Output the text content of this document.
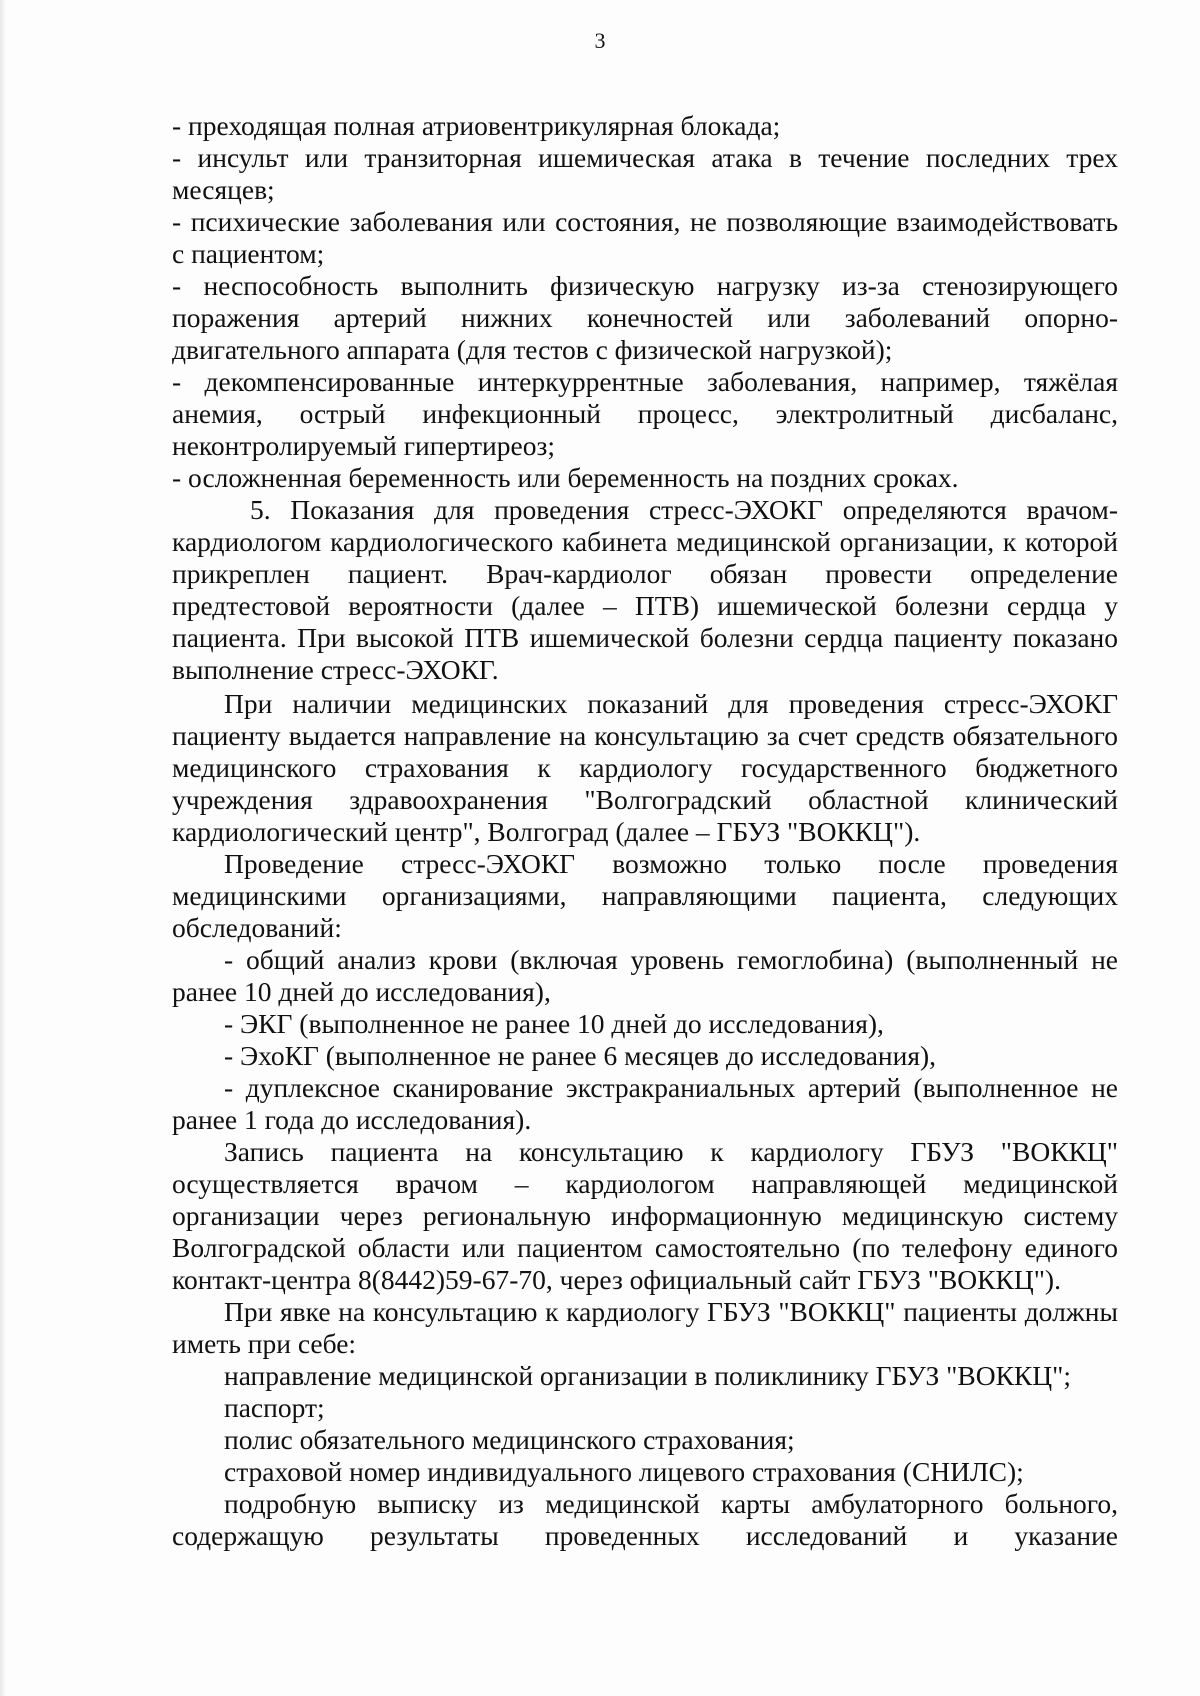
3

- преходящая полная атриовентрикулярная блокада;

- инсульт или транзиторная ишемическая атака в течение последних трех месяцев;

- психические заболевания или состояния, не позволяющие взаимодействовать с пациентом;

- неспособность выполнить физическую нагрузку из-за стенозирующего поражения артерий нижних конечностей или заболеваний опорно-двигательного аппарата (для тестов с физической нагрузкой);

- декомпенсированные интеркуррентные заболевания, например, тяжёлая анемия, острый инфекционный процесс, электролитный дисбаланс, неконтролируемый гипертиреоз;

- осложненная беременность или беременность на поздних сроках.

5. Показания для проведения стресс-ЭХОКГ определяются врачом-кардиологом кардиологического кабинета медицинской организации, к которой прикреплен пациент. Врач-кардиолог обязан провести определение предтестовой вероятности (далее – ПТВ) ишемической болезни сердца у пациента. При высокой ПТВ ишемической болезни сердца пациенту показано выполнение стресс-ЭХОКГ.

При наличии медицинских показаний для проведения стресс-ЭХОКГ пациенту выдается направление на консультацию за счет средств обязательного медицинского страхования к кардиологу государственного бюджетного учреждения здравоохранения "Волгоградский областной клинический кардиологический центр", Волгоград (далее – ГБУЗ "ВОККЦ").

Проведение стресс-ЭХОКГ возможно только после проведения медицинскими организациями, направляющими пациента, следующих обследований:

- общий анализ крови (включая уровень гемоглобина) (выполненный не ранее 10 дней до исследования),

- ЭКГ (выполненное не ранее 10 дней до исследования),

- ЭхоКГ (выполненное не ранее 6 месяцев до исследования),

- дуплексное сканирование экстракраниальных артерий (выполненное не ранее 1 года до исследования).

Запись пациента на консультацию к кардиологу ГБУЗ "ВОККЦ" осуществляется врачом – кардиологом направляющей медицинской организации через региональную информационную медицинскую систему Волгоградской области или пациентом самостоятельно (по телефону единого контакт-центра 8(8442)59-67-70, через официальный сайт ГБУЗ "ВОККЦ").

При явке на консультацию к кардиологу ГБУЗ "ВОККЦ" пациенты должны иметь при себе:

направление медицинской организации в поликлинику ГБУЗ "ВОККЦ";

паспорт;

полис обязательного медицинского страхования;

страховой номер индивидуального лицевого страхования (СНИЛС);

подробную выписку из медицинской карты амбулаторного больного, содержащую результаты проведенных исследований и указание
